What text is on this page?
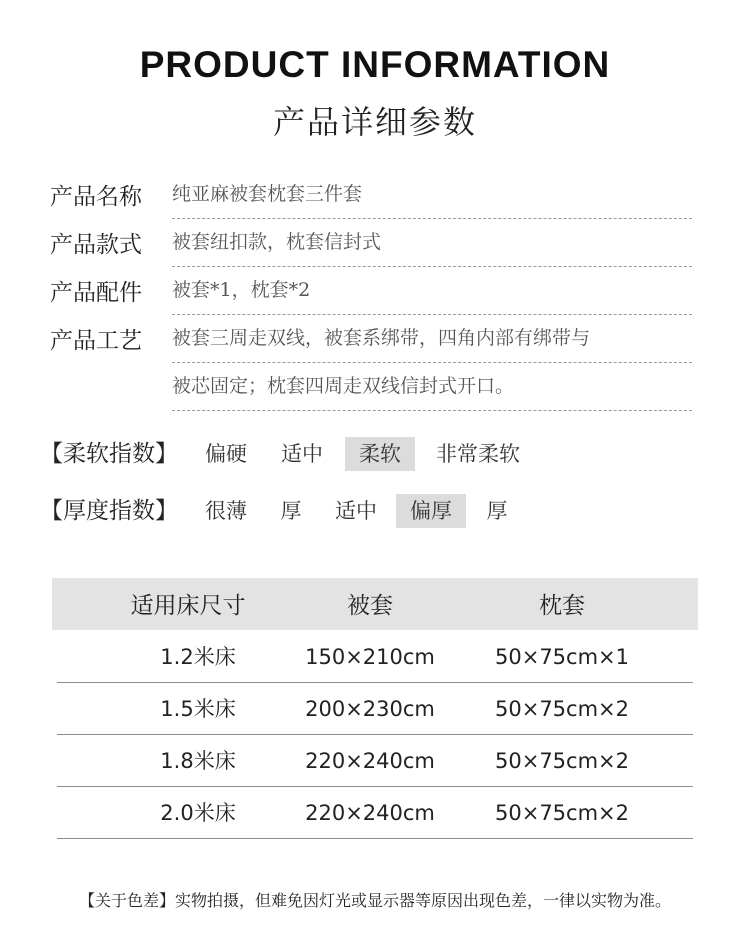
PRODUCT INFORMATION
产品详细参数
产品名称 纯亚麻被套枕套三件套
产品款式 被套纽扣款，枕套信封式
产品配件 被套*1，枕套*2
产品工艺 被套三周走双线，被套系绑带，四角内部有绑带与
被芯固定；枕套四周走双线信封式开口。
【柔软指数】	偏硬	适中	柔软	非常柔软
【厚度指数】 很薄 厚 适中	偏厚	厚
适用床尺寸	被套	枕套
1.2米床	150×210cm	50×75cm×1
1.5米床	200×230cm	50×75cm×2
1.8米床	220×240cm	50×75cm×2
2.0米床	220×240cm	50×75cm×2
【关于色差】实物拍摄，但难免因灯光或显示器等原因出现色差，一律以实物为准。
